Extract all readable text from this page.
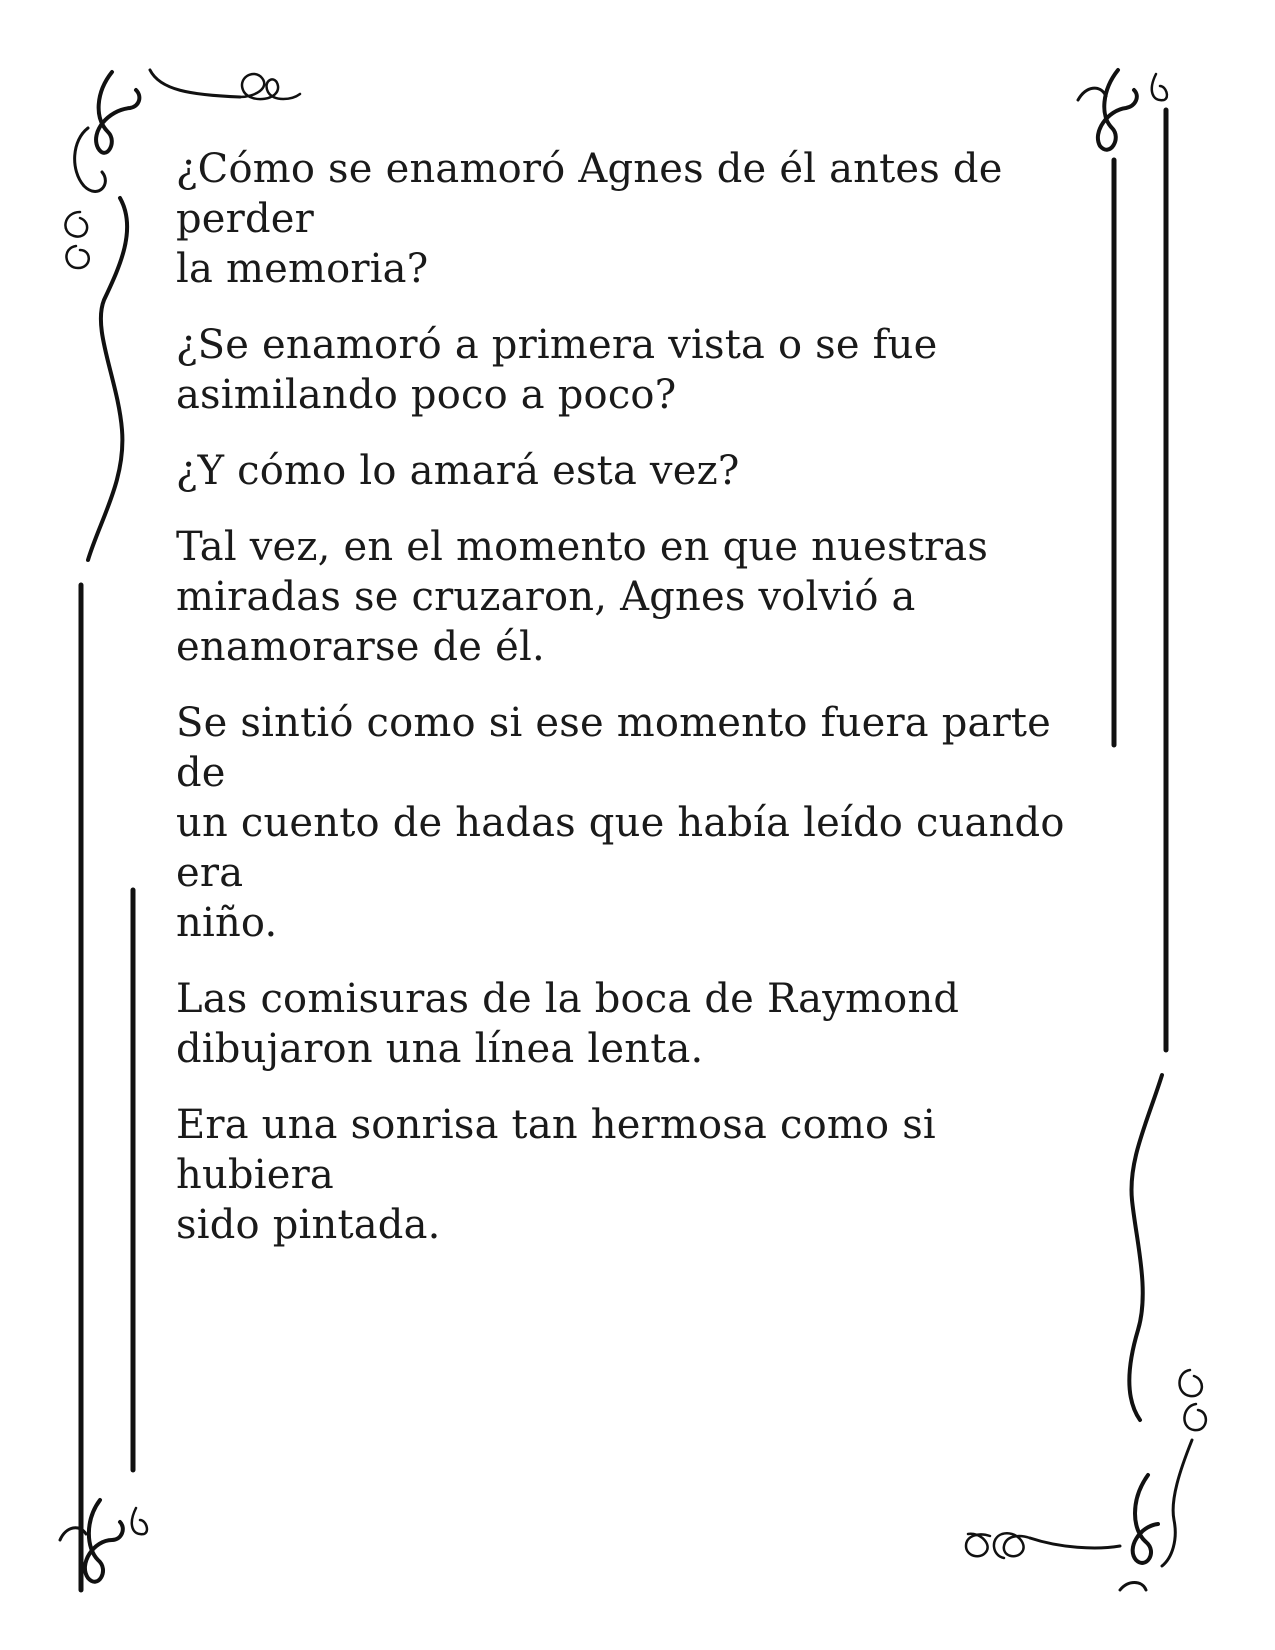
¿Cómo se enamoró Agnes de él antes de perder
la memoria?

¿Se enamoró a primera vista o se fue
asimilando poco a poco?

¿Y cómo lo amará esta vez?

Tal vez, en el momento en que nuestras
miradas se cruzaron, Agnes volvió a
enamorarse de él.

Se sintió como si ese momento fuera parte de
un cuento de hadas que había leído cuando era
niño.

Las comisuras de la boca de Raymond
dibujaron una línea lenta.

Era una sonrisa tan hermosa como si hubiera
sido pintada.
